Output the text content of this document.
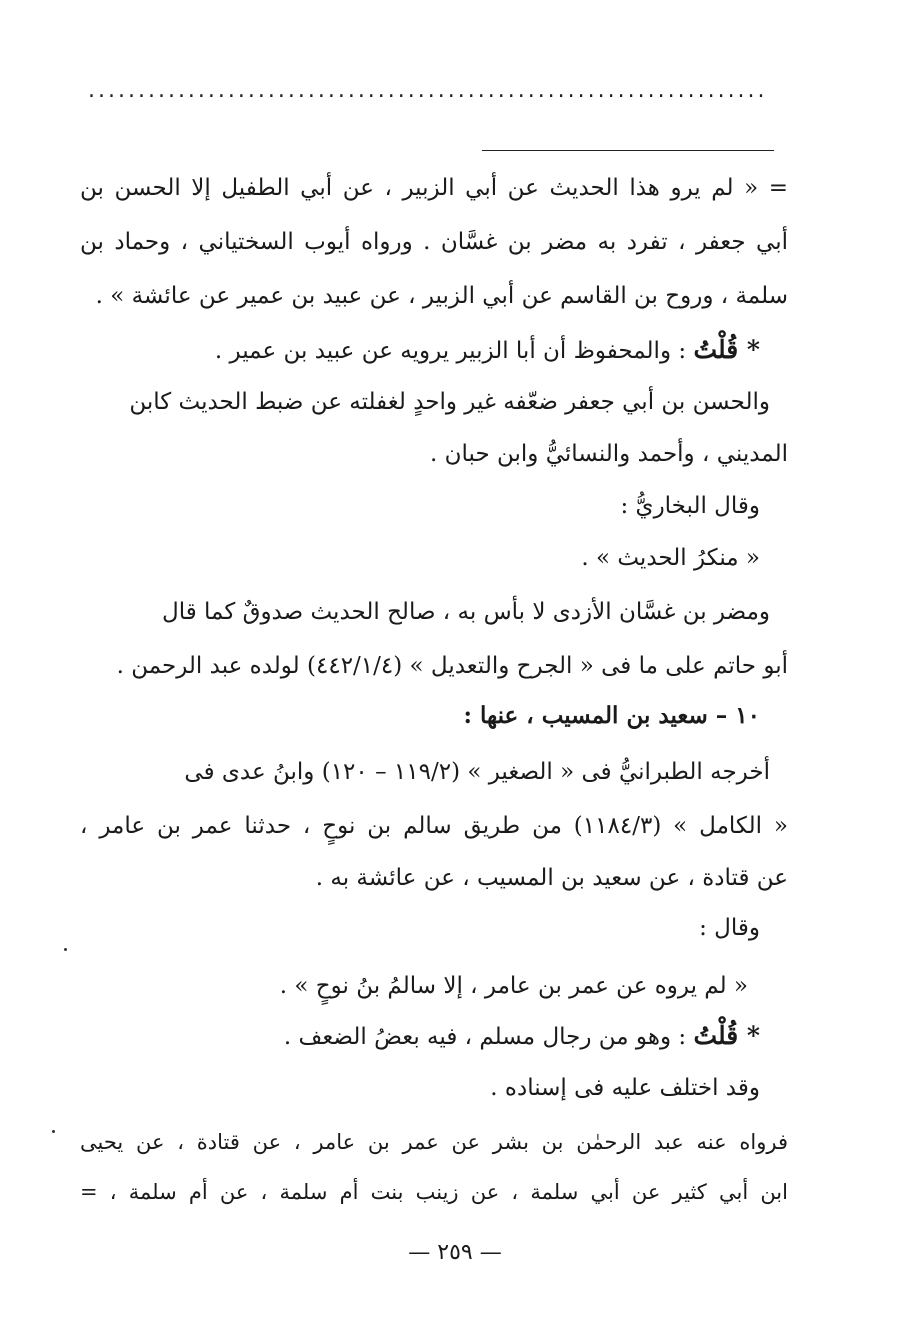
....................................................................
= « لم يرو هذا الحديث عن أبي الزبير ، عن أبي الطفيل إلا الحسن بن
أبي جعفر ، تفرد به مضر بن غسَّان . ورواه أيوب السختياني ، وحماد بن
سلمة ، وروح بن القاسم عن أبي الزبير ، عن عبيد بن عمير عن عائشة » .
* قُلْتُ : والمحفوظ أن أبا الزبير يرويه عن عبيد بن عمير .
والحسن بن أبي جعفر ضعّفه غير واحدٍ لغفلته عن ضبط الحديث كابن
المديني ، وأحمد والنسائيُّ وابن حبان .
وقال البخاريُّ :
« منكرُ الحديث » .
ومضر بن غسَّان الأزدى لا بأس به ، صالح الحديث صدوقٌ كما قال
أبو حاتم على ما فى « الجرح والتعديل » (٤٤٢/١/٤) لولده عبد الرحمن .
١٠ – سعيد بن المسيب ، عنها :
أخرجه الطبرانيُّ فى « الصغير » (١١٩/٢ – ١٢٠) وابنُ عدى فى
« الكامل » (١١٨٤/٣) من طريق سالم بن نوحٍ ، حدثنا عمر بن عامر ،
عن قتادة ، عن سعيد بن المسيب ، عن عائشة به .
وقال :
« لم يروه عن عمر بن عامر ، إلا سالمُ بنُ نوحٍ » .
* قُلْتُ : وهو من رجال مسلم ، فيه بعضُ الضعف .
وقد اختلف عليه فى إسناده .
فرواه عنه عبد الرحمٰن بن بشر عن عمر بن عامر ، عن قتادة ، عن يحيى
ابن أبي كثير عن أبي سلمة ، عن زينب بنت أم سلمة ، عن أم سلمة ، =
— ٢٥٩ —
